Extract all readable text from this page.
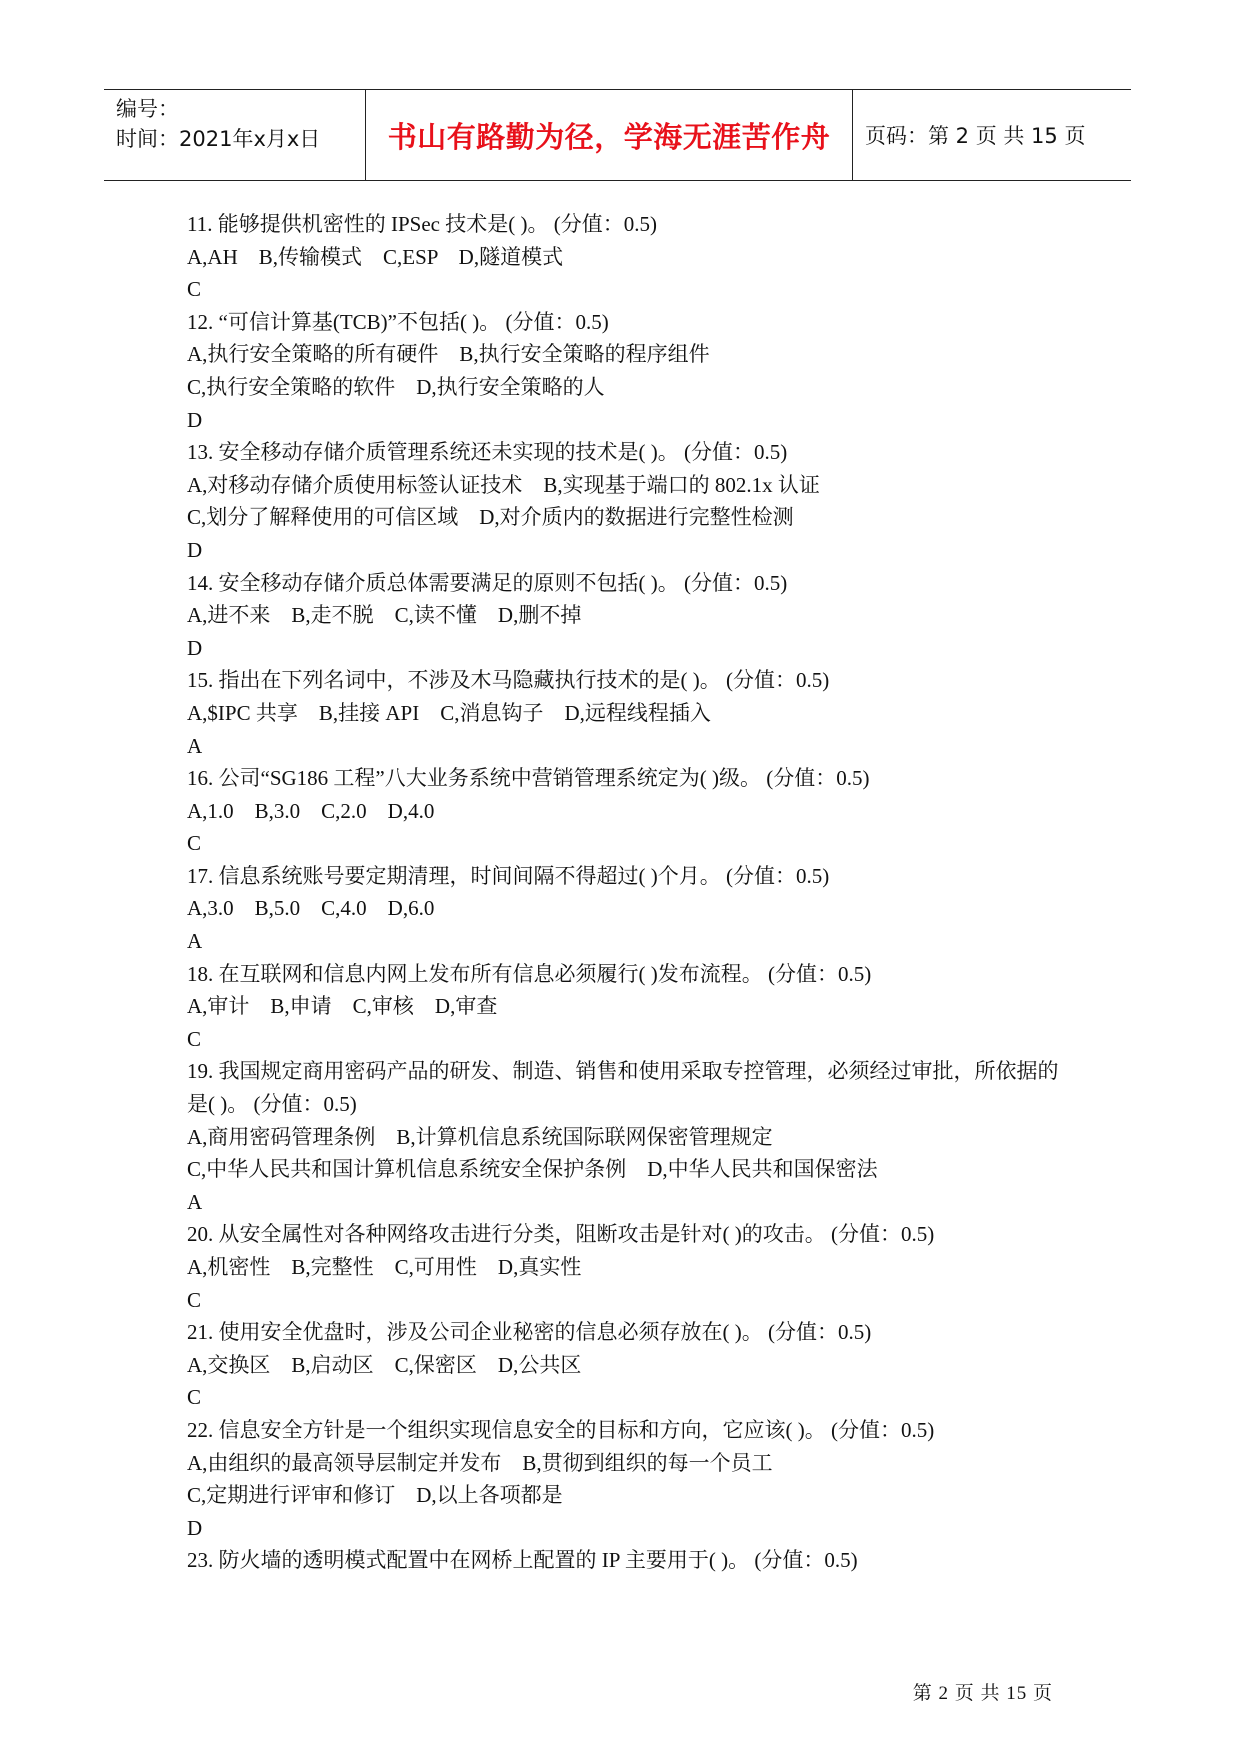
编号：
时间：2021年x月x日	书山有路勤为径，学海无涯苦作舟	页码：第 2 页 共 15 页
11. 能够提供机密性的 IPSec 技术是( )。 (分值：0.5)
A,AH    B,传输模式    C,ESP    D,隧道模式
C
12. “可信计算基(TCB)”不包括( )。 (分值：0.5)
A,执行安全策略的所有硬件    B,执行安全策略的程序组件
C,执行安全策略的软件    D,执行安全策略的人
D
13. 安全移动存储介质管理系统还未实现的技术是( )。 (分值：0.5)
A,对移动存储介质使用标签认证技术    B,实现基于端口的 802.1x 认证
C,划分了解释使用的可信区域    D,对介质内的数据进行完整性检测
D
14. 安全移动存储介质总体需要满足的原则不包括( )。 (分值：0.5)
A,进不来    B,走不脱    C,读不懂    D,删不掉
D
15. 指出在下列名词中，不涉及木马隐藏执行技术的是( )。 (分值：0.5)
A,$IPC 共享    B,挂接 API    C,消息钩子    D,远程线程插入
A
16. 公司“SG186 工程”八大业务系统中营销管理系统定为( )级。 (分值：0.5)
A,1.0    B,3.0    C,2.0    D,4.0
C
17. 信息系统账号要定期清理，时间间隔不得超过( )个月。 (分值：0.5)
A,3.0    B,5.0    C,4.0    D,6.0
A
18. 在互联网和信息内网上发布所有信息必须履行( )发布流程。 (分值：0.5)
A,审计    B,申请    C,审核    D,审查
C
19. 我国规定商用密码产品的研发、制造、销售和使用采取专控管理，必须经过审批，所依据的是( )。 (分值：0.5)
A,商用密码管理条例    B,计算机信息系统国际联网保密管理规定
C,中华人民共和国计算机信息系统安全保护条例    D,中华人民共和国保密法
A
20. 从安全属性对各种网络攻击进行分类，阻断攻击是针对( )的攻击。 (分值：0.5)
A,机密性    B,完整性    C,可用性    D,真实性
C
21. 使用安全优盘时，涉及公司企业秘密的信息必须存放在( )。 (分值：0.5)
A,交换区    B,启动区    C,保密区    D,公共区
C
22. 信息安全方针是一个组织实现信息安全的目标和方向，它应该( )。 (分值：0.5)
A,由组织的最高领导层制定并发布    B,贯彻到组织的每一个员工
C,定期进行评审和修订    D,以上各项都是
D
23. 防火墙的透明模式配置中在网桥上配置的 IP 主要用于( )。 (分值：0.5)
第 2 页 共 15 页
